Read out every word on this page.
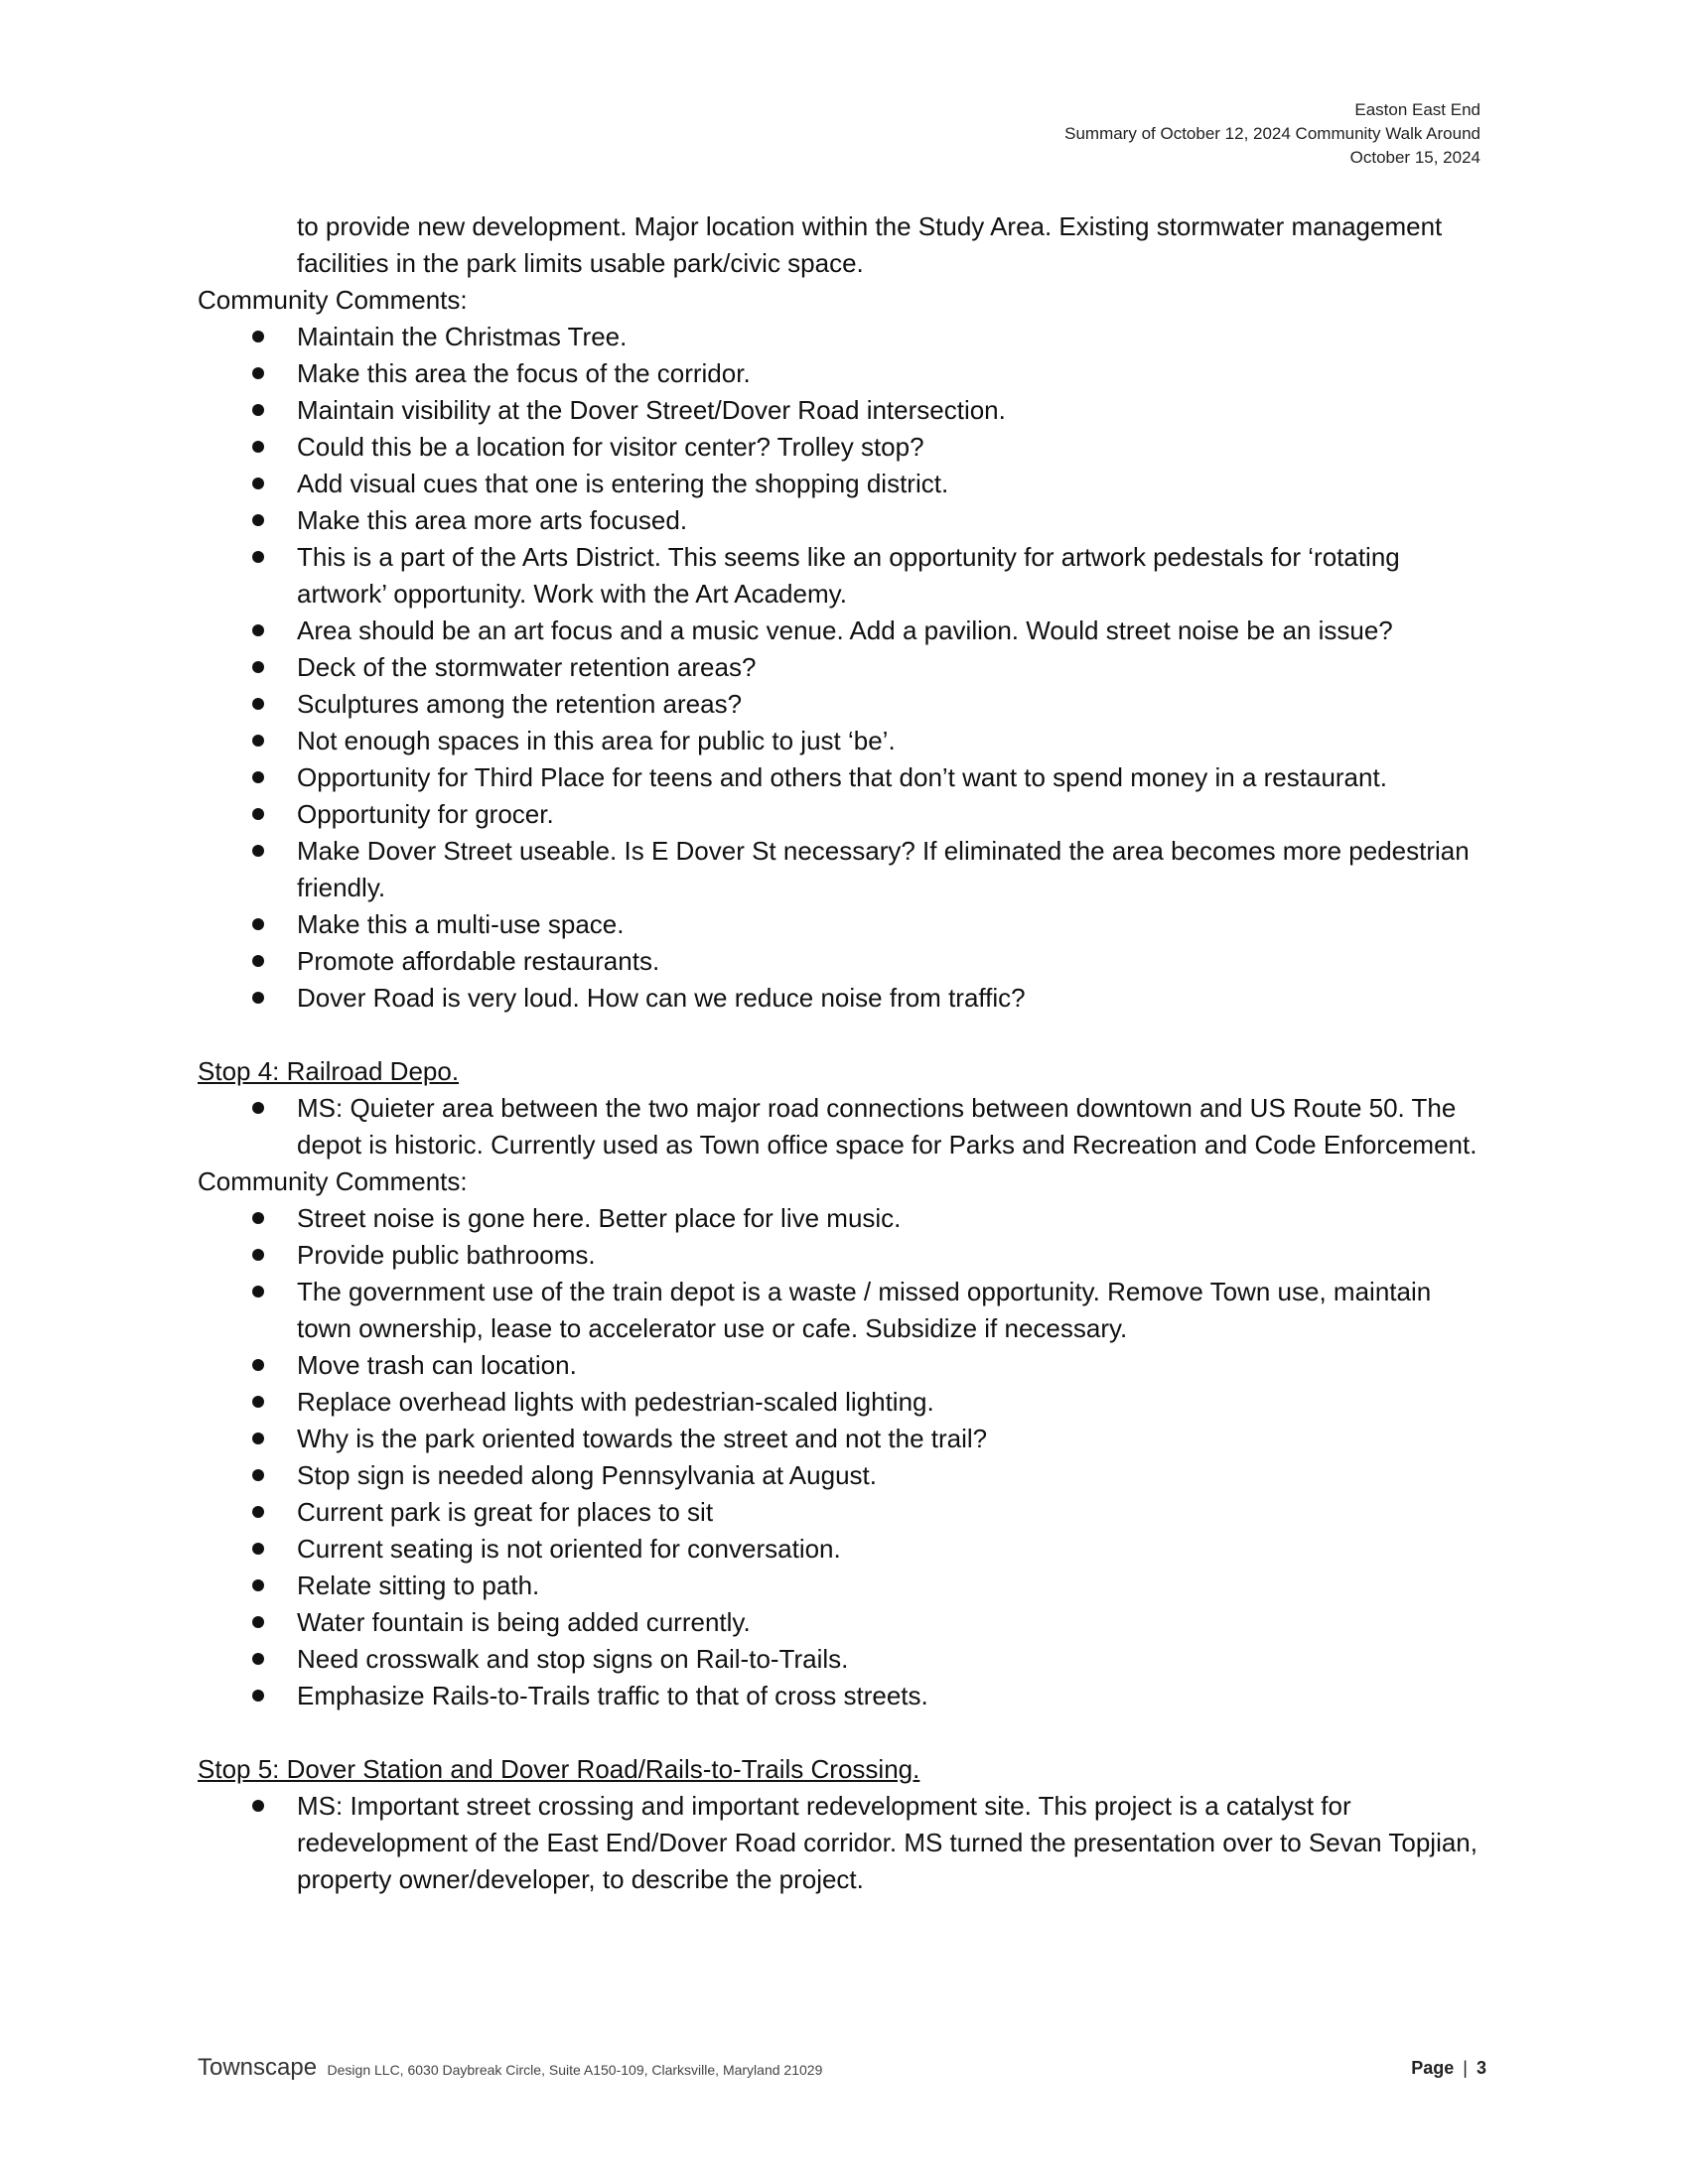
Easton East End
Summary of October 12, 2024 Community Walk Around
October 15, 2024
to provide new development. Major location within the Study Area. Existing stormwater management facilities in the park limits usable park/civic space.
Community Comments:
Maintain the Christmas Tree.
Make this area the focus of the corridor.
Maintain visibility at the Dover Street/Dover Road intersection.
Could this be a location for visitor center? Trolley stop?
Add visual cues that one is entering the shopping district.
Make this area more arts focused.
This is a part of the Arts District. This seems like an opportunity for artwork pedestals for ‘rotating artwork’ opportunity. Work with the Art Academy.
Area should be an art focus and a music venue. Add a pavilion. Would street noise be an issue?
Deck of the stormwater retention areas?
Sculptures among the retention areas?
Not enough spaces in this area for public to just ‘be’.
Opportunity for Third Place for teens and others that don’t want to spend money in a restaurant.
Opportunity for grocer.
Make Dover Street useable. Is E Dover St necessary? If eliminated the area becomes more pedestrian friendly.
Make this a multi-use space.
Promote affordable restaurants.
Dover Road is very loud. How can we reduce noise from traffic?
Stop 4: Railroad Depo.
MS: Quieter area between the two major road connections between downtown and US Route 50. The depot is historic. Currently used as Town office space for Parks and Recreation and Code Enforcement.
Community Comments:
Street noise is gone here. Better place for live music.
Provide public bathrooms.
The government use of the train depot is a waste / missed opportunity. Remove Town use, maintain town ownership, lease to accelerator use or cafe. Subsidize if necessary.
Move trash can location.
Replace overhead lights with pedestrian-scaled lighting.
Why is the park oriented towards the street and not the trail?
Stop sign is needed along Pennsylvania at August.
Current park is great for places to sit
Current seating is not oriented for conversation.
Relate sitting to path.
Water fountain is being added currently.
Need crosswalk and stop signs on Rail-to-Trails.
Emphasize Rails-to-Trails traffic to that of cross streets.
Stop 5: Dover Station and Dover Road/Rails-to-Trails Crossing.
MS: Important street crossing and important redevelopment site. This project is a catalyst for redevelopment of the East End/Dover Road corridor. MS turned the presentation over to Sevan Topjian, property owner/developer, to describe the project.
Townscape Design LLC, 6030 Daybreak Circle, Suite A150-109, Clarksville, Maryland 21029	Page | 3
